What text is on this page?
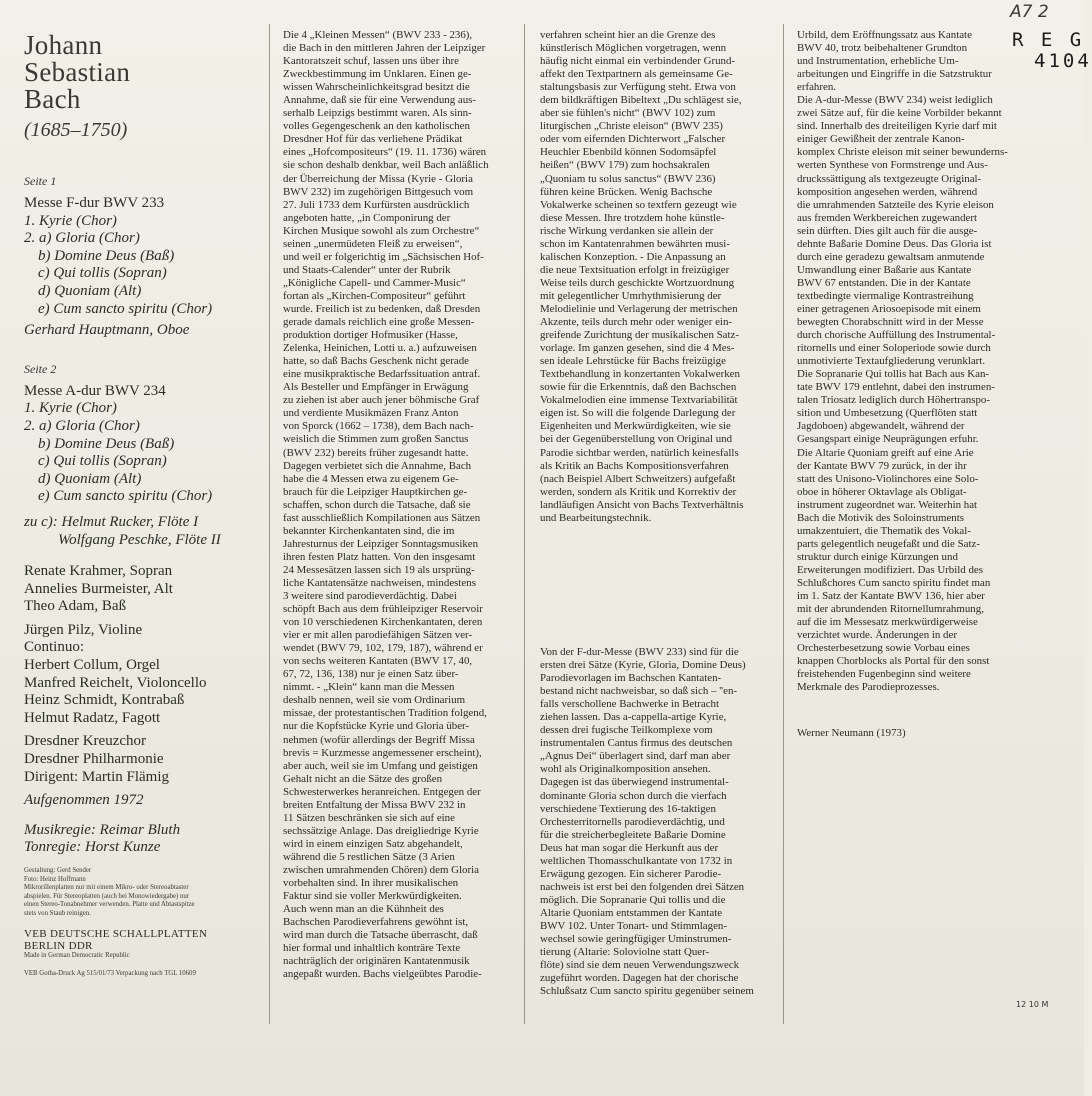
A7 2
R E G
4104
Johann
Sebastian
Bach
(1685–1750)
Seite 1
Messe F-dur BWV 233
1. Kyrie (Chor)
2. a) Gloria (Chor)
b) Domine Deus (Baß)
c) Qui tollis (Sopran)
d) Quoniam (Alt)
e) Cum sancto spiritu (Chor)
Gerhard Hauptmann, Oboe
Seite 2
Messe A-dur BWV 234
1. Kyrie (Chor)
2. a) Gloria (Chor)
b) Domine Deus (Baß)
c) Qui tollis (Sopran)
d) Quoniam (Alt)
e) Cum sancto spiritu (Chor)
zu c): Helmut Rucker, Flöte I
Wolfgang Peschke, Flöte II
Renate Krahmer, Sopran
Annelies Burmeister, Alt
Theo Adam, Baß
Jürgen Pilz, Violine
Continuo:
Herbert Collum, Orgel
Manfred Reichelt, Violoncello
Heinz Schmidt, Kontrabaß
Helmut Radatz, Fagott
Dresdner Kreuzchor
Dresdner Philharmonie
Dirigent: Martin Flämig
Aufgenommen 1972
Musikregie: Reimar Bluth
Tonregie: Horst Kunze
Gestaltung: Gerd Sender
Foto: Heinz Hoffmann
Mikrorillenplatten nur mit einem Mikro- oder Stereoabtaster
abspielen. Für Stereoplatten (auch bei Monowiedergabe) nur
einen Stereo-Tonabnehmer verwenden. Platte und Abtastspitze
stets von Staub reinigen.
VEB DEUTSCHE SCHALLPLATTEN
BERLIN DDR
Made in German Democratic Republic
VEB Gotha-Druck Ag 515/01/73 Verpackung nach TGL 10609
Die 4 „Kleinen Messen“ (BWV 233 - 236),
die Bach in den mittleren Jahren der Leipziger
Kantoratszeit schuf, lassen uns über ihre
Zweckbestimmung im Unklaren. Einen ge-
wissen Wahrscheinlichkeitsgrad besitzt die
Annahme, daß sie für eine Verwendung aus-
serhalb Leipzigs bestimmt waren. Als sinn-
volles Gegengeschenk an den katholischen
Dresdner Hof für das verliehene Prädikat
eines „Hofcompositeurs“ (19. 11. 1736) wären
sie schon deshalb denkbar, weil Bach anläßlich
der Überreichung der Missa (Kyrie - Gloria
BWV 232) im zugehörigen Bittgesuch vom
27. Juli 1733 dem Kurfürsten ausdrücklich
angeboten hatte, „in Componirung der
Kirchen Musique sowohl als zum Orchestre“
seinen „unermüdeten Fleiß zu erweisen“,
und weil er folgerichtig im „Sächsischen Hof-
und Staats-Calender“ unter der Rubrik
„Königliche Capell- und Cammer-Music“
fortan als „Kirchen-Compositeur“ geführt
wurde. Freilich ist zu bedenken, daß Dresden
gerade damals reichlich eine große Messen-
produktion dortiger Hofmusiker (Hasse,
Zelenka, Heinichen, Lotti u. a.) aufzuweisen
hatte, so daß Bachs Geschenk nicht gerade
eine musikpraktische Bedarfssituation antraf.
Als Besteller und Empfänger in Erwägung
zu ziehen ist aber auch jener böhmische Graf
und verdiente Musikmäzen Franz Anton
von Sporck (1662 – 1738), dem Bach nach-
weislich die Stimmen zum großen Sanctus
(BWV 232) bereits früher zugesandt hatte.
Dagegen verbietet sich die Annahme, Bach
habe die 4 Messen etwa zu eigenem Ge-
brauch für die Leipziger Hauptkirchen ge-
schaffen, schon durch die Tatsache, daß sie
fast ausschließlich Kompilationen aus Sätzen
bekannter Kirchenkantaten sind, die im
Jahresturnus der Leipziger Sonntagsmusiken
ihren festen Platz hatten. Von den insgesamt
24 Messesätzen lassen sich 19 als ursprüng-
liche Kantatensätze nachweisen, mindestens
3 weitere sind parodieverdächtig. Dabei
schöpft Bach aus dem frühleipziger Reservoir
von 10 verschiedenen Kirchenkantaten, deren
vier er mit allen parodiefähigen Sätzen ver-
wendet (BWV 79, 102, 179, 187), während er
von sechs weiteren Kantaten (BWV 17, 40,
67, 72, 136, 138) nur je einen Satz über-
nimmt. - „Klein“ kann man die Messen
deshalb nennen, weil sie vom Ordinarium
missae, der protestantischen Tradition folgend,
nur die Kopfstücke Kyrie und Gloria über-
nehmen (wofür allerdings der Begriff Missa
brevis = Kurzmesse angemessener erscheint),
aber auch, weil sie im Umfang und geistigen
Gehalt nicht an die Sätze des großen
Schwesterwerkes heranreichen. Entgegen der
breiten Entfaltung der Missa BWV 232 in
11 Sätzen beschränken sie sich auf eine
sechssätzige Anlage. Das dreigliedrige Kyrie
wird in einem einzigen Satz abgehandelt,
während die 5 restlichen Sätze (3 Arien
zwischen umrahmenden Chören) dem Gloria
vorbehalten sind. In ihrer musikalischen
Faktur sind sie voller Merkwürdigkeiten.
Auch wenn man an die Kühnheit des
Bachschen Parodieverfahrens gewöhnt ist,
wird man durch die Tatsache überrascht, daß
hier formal und inhaltlich konträre Texte
nachträglich der originären Kantatenmusik
angepaßt wurden. Bachs vielgeübtes Parodie-
verfahren scheint hier an die Grenze des
künstlerisch Möglichen vorgetragen, wenn
häufig nicht einmal ein verbindender Grund-
affekt den Textpartnern als gemeinsame Ge-
staltungsbasis zur Verfügung steht. Etwa von
dem bildkräftigen Bibeltext „Du schlägest sie,
aber sie fühlen's nicht“ (BWV 102) zum
liturgischen „Christe eleison“ (BWV 235)
oder vom eifernden Dichterwort „Falscher
Heuchler Ebenbild können Sodomsäpfel
heißen“ (BWV 179) zum hochsakralen
„Quoniam tu solus sanctus“ (BWV 236)
führen keine Brücken. Wenig Bachsche
Vokalwerke scheinen so textfern gezeugt wie
diese Messen. Ihre trotzdem hohe künstle-
rische Wirkung verdanken sie allein der
schon im Kantatenrahmen bewährten musi-
kalischen Konzeption. - Die Anpassung an
die neue Textsituation erfolgt in freizügiger
Weise teils durch geschickte Wortzuordnung
mit gelegentlicher Umrhythmisierung der
Melodielinie und Verlagerung der metrischen
Akzente, teils durch mehr oder weniger ein-
greifende Zurichtung der musikalischen Satz-
vorlage. Im ganzen gesehen, sind die 4 Mes-
sen ideale Lehrstücke für Bachs freizügige
Textbehandlung in konzertanten Vokalwerken
sowie für die Erkenntnis, daß den Bachschen
Vokalmelodien eine immense Textvariabilität
eigen ist. So will die folgende Darlegung der
Eigenheiten und Merkwürdigkeiten, wie sie
bei der Gegenüberstellung von Original und
Parodie sichtbar werden, natürlich keinesfalls
als Kritik an Bachs Kompositionsverfahren
(nach Beispiel Albert Schweitzers) aufgefaßt
werden, sondern als Kritik und Korrektiv der
landläufigen Ansicht von Bachs Textverhältnis
und Bearbeitungstechnik.
Von der F-dur-Messe (BWV 233) sind für die
ersten drei Sätze (Kyrie, Gloria, Domine Deus)
Parodievorlagen im Bachschen Kantaten-
bestand nicht nachweisbar, so daß sich – ''en-
falls verschollene Bachwerke in Betracht
ziehen lassen. Das a-cappella-artige Kyrie,
dessen drei fugische Teilkomplexe vom
instrumentalen Cantus firmus des deutschen
„Agnus Dei“ überlagert sind, darf man aber
wohl als Originalkomposition ansehen.
Dagegen ist das überwiegend instrumental-
dominante Gloria schon durch die vierfach
verschiedene Textierung des 16-taktigen
Orchesterritornells parodieverdächtig, und
für die streicherbegleitete Baßarie Domine
Deus hat man sogar die Herkunft aus der
weltlichen Thomasschulkantate von 1732 in
Erwägung gezogen. Ein sicherer Parodie-
nachweis ist erst bei den folgenden drei Sätzen
möglich. Die Sopranarie Qui tollis und die
Altarie Quoniam entstammen der Kantate
BWV 102. Unter Tonart- und Stimmlagen-
wechsel sowie geringfügiger Uminstrumen-
tierung (Altarie: Soloviolne statt Quer-
flöte) sind sie dem neuen Verwendungszweck
zugeführt worden. Dagegen hat der chorische
Schlußsatz Cum sancto spiritu gegenüber seinem
Urbild, dem Eröffnungssatz aus Kantate
BWV 40, trotz beibehaltener Grundton
und Instrumentation, erhebliche Um-
arbeitungen und Eingriffe in die Satzstruktur
erfahren.
Die A-dur-Messe (BWV 234) weist lediglich
zwei Sätze auf, für die keine Vorbilder bekannt
sind. Innerhalb des dreiteiligen Kyrie darf mit
einiger Gewißheit der zentrale Kanon-
komplex Christe eleison mit seiner bewunderns-
werten Synthese von Formstrenge und Aus-
druckssättigung als textgezeugte Original-
komposition angesehen werden, während
die umrahmenden Satzteile des Kyrie eleison
aus fremden Werkbereichen zugewandert
sein dürften. Dies gilt auch für die ausge-
dehnte Baßarie Domine Deus. Das Gloria ist
durch eine geradezu gewaltsam anmutende
Umwandlung einer Baßarie aus Kantate
BWV 67 entstanden. Die in der Kantate
textbedingte viermalige Kontrastreihung
einer getragenen Ariosoepisode mit einem
bewegten Chorabschnitt wird in der Messe
durch chorische Auffüllung des Instrumental-
ritornells und einer Soloperiode sowie durch
unmotivierte Textaufgliederung verunklart.
Die Sopranarie Qui tollis hat Bach aus Kan-
tate BWV 179 entlehnt, dabei den instrumen-
talen Triosatz lediglich durch Höhertranspo-
sition und Umbesetzung (Querflöten statt
Jagdoboen) abgewandelt, während der
Gesangspart einige Neuprägungen erfuhr.
Die Altarie Quoniam greift auf eine Arie
der Kantate BWV 79 zurück, in der ihr
statt des Unisono-Violinchores eine Solo-
oboe in höherer Oktavlage als Obligat-
instrument zugeordnet war. Weiterhin hat
Bach die Motivik des Soloinstruments
umakzentuiert, die Thematik des Vokal-
parts gelegentlich neugefaßt und die Satz-
struktur durch einige Kürzungen und
Erweiterungen modifiziert. Das Urbild des
Schlußchores Cum sancto spiritu findet man
im 1. Satz der Kantate BWV 136, hier aber
mit der abrundenden Ritornellumrahmung,
auf die im Messesatz merkwürdigerweise
verzichtet wurde. Änderungen in der
Orchesterbesetzung sowie Vorbau eines
knappen Chorblocks als Portal für den sonst
freistehenden Fugenbeginn sind weitere
Merkmale des Parodieprozesses.
Werner Neumann (1973)
12 10 M
